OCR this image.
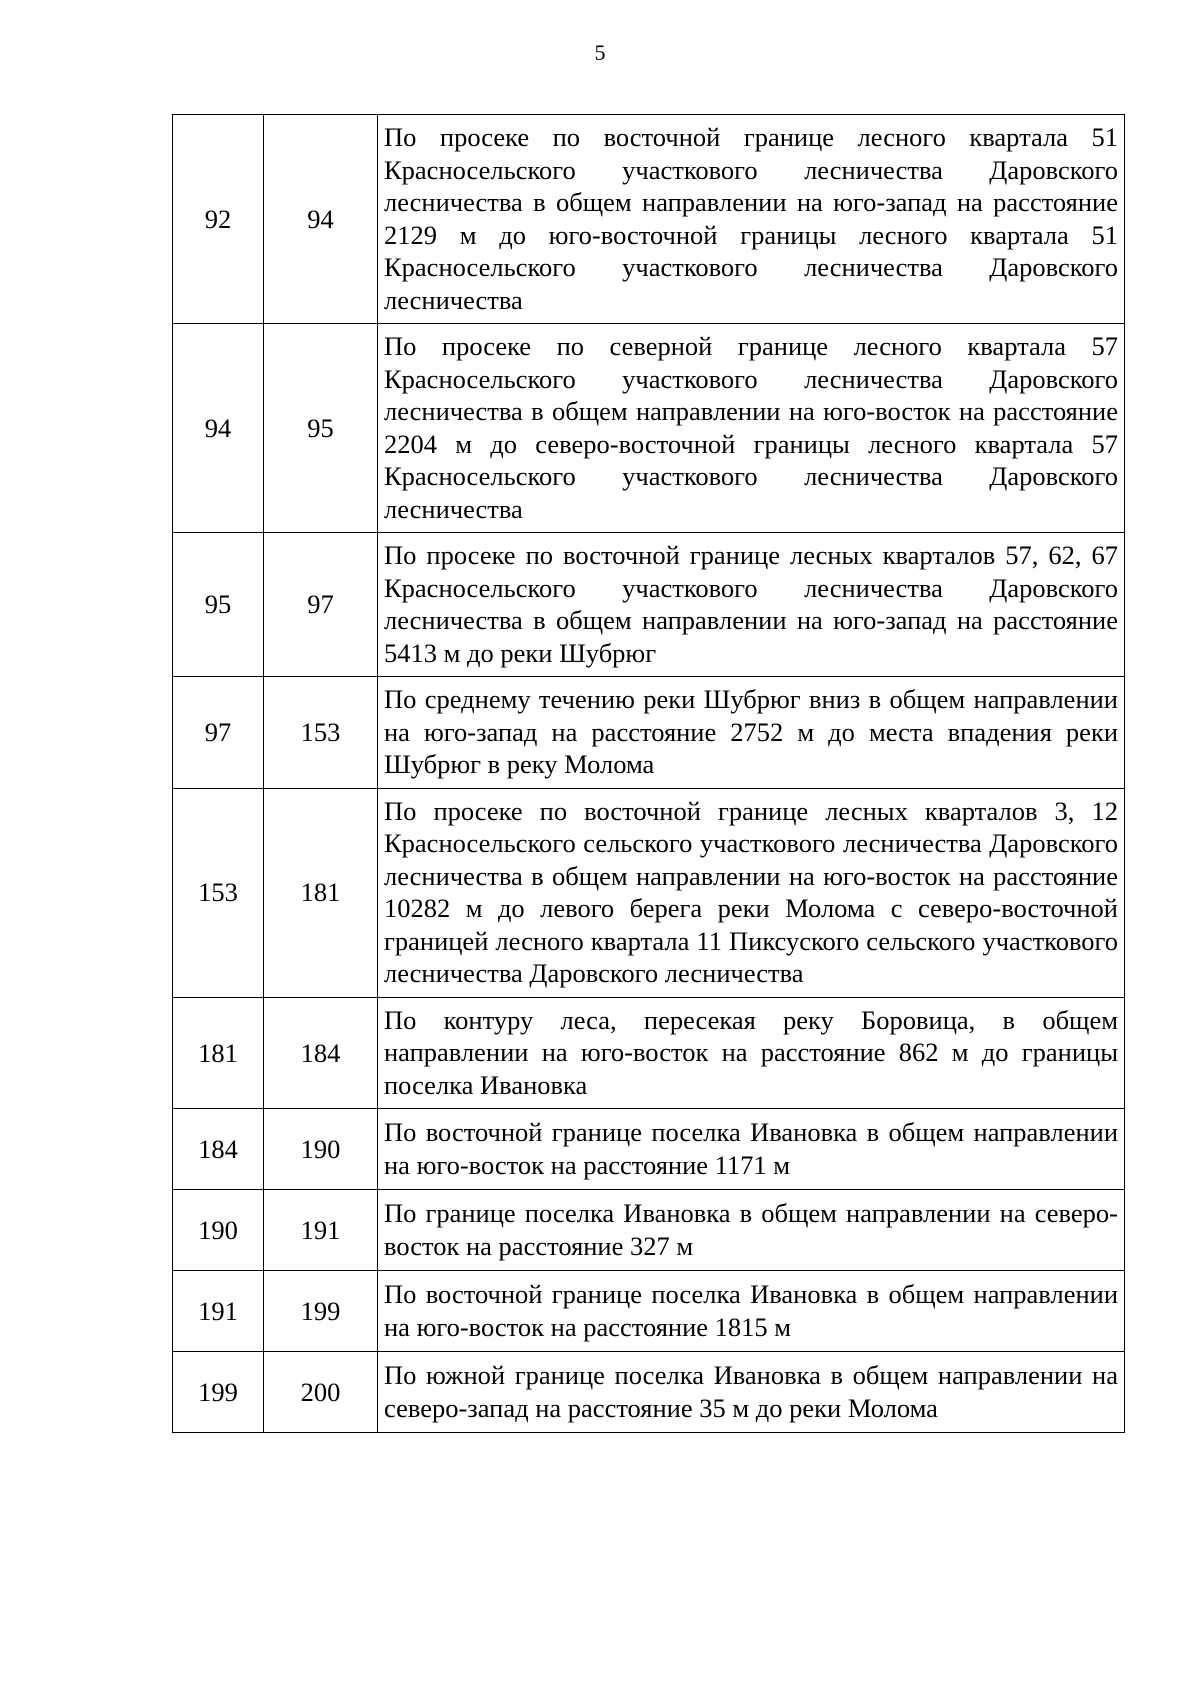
5
92	94	По просеке по восточной границе лесного квартала 51 Красносельского участкового лесничества Даровского лесничества в общем направлении на юго-запад на расстояние 2129 м до юго-восточной границы лесного квартала 51 Красносельского участкового лесничества Даровского лесничества
94	95	По просеке по северной границе лесного квартала 57 Красносельского участкового лесничества Даровского лесничества в общем направлении на юго-восток на расстояние 2204 м до северо-восточной границы лесного квартала 57 Красносельского участкового лесничества Даровского лесничества
95	97	По просеке по восточной границе лесных кварталов 57, 62, 67 Красносельского участкового лесничества Даровского лесничества в общем направлении на юго-запад на расстояние 5413 м до реки Шубрюг
97	153	По среднему течению реки Шубрюг вниз в общем направлении на юго-запад на расстояние 2752 м до места впадения реки Шубрюг в реку Молома
153	181	По просеке по восточной границе лесных кварталов 3, 12 Красносельского сельского участкового лесничества Даровского лесничества в общем направлении на юго-восток на расстояние 10282 м до левого берега реки Молома с северо-восточной границей лесного квартала 11 Пиксуского сельского участкового лесничества Даровского лесничества
181	184	По контуру леса, пересекая реку Боровица, в общем направлении на юго-восток на расстояние 862 м до границы поселка Ивановка
184	190	По восточной границе поселка Ивановка в общем направлении на юго-восток на расстояние 1171 м
190	191	По границе поселка Ивановка в общем направлении на северо-восток на расстояние 327 м
191	199	По восточной границе поселка Ивановка в общем направлении на юго-восток на расстояние 1815 м
199	200	По южной границе поселка Ивановка в общем направлении на северо-запад на расстояние 35 м до реки Молома
